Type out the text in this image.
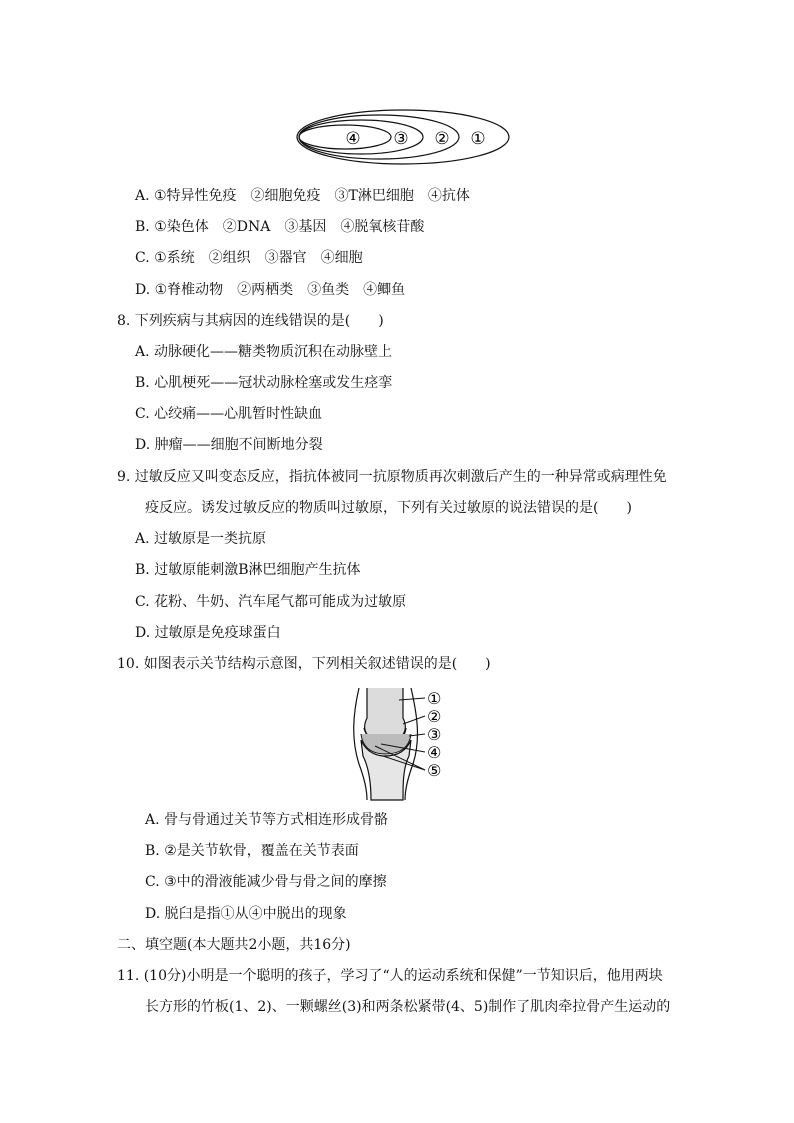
④ ③ ② ①
A. ①特异性免疫　②细胞免疫　③T淋巴细胞　④抗体
B. ①染色体　②DNA　③基因　④脱氧核苷酸
C. ①系统　②组织　③器官　④细胞
D. ①脊椎动物　②两栖类　③鱼类　④鲫鱼
8. 下列疾病与其病因的连线错误的是(　　)
A. 动脉硬化——糖类物质沉积在动脉壁上
B. 心肌梗死——冠状动脉栓塞或发生痉挛
C. 心绞痛——心肌暂时性缺血
D. 肿瘤——细胞不间断地分裂
9. 过敏反应又叫变态反应，指抗体被同一抗原物质再次刺激后产生的一种异常或病理性免
疫反应。诱发过敏反应的物质叫过敏原，下列有关过敏原的说法错误的是(　　)
A. 过敏原是一类抗原
B. 过敏原能刺激B淋巴细胞产生抗体
C. 花粉、牛奶、汽车尾气都可能成为过敏原
D. 过敏原是免疫球蛋白
10. 如图表示关节结构示意图，下列相关叙述错误的是(　　)
①
②
③
④
⑤
A. 骨与骨通过关节等方式相连形成骨骼
B. ②是关节软骨，覆盖在关节表面
C. ③中的滑液能减少骨与骨之间的摩擦
D. 脱臼是指①从④中脱出的现象
二、填空题(本大题共2小题，共16分)
11. (10分)小明是一个聪明的孩子，学习了“人的运动系统和保健”一节知识后，他用两块
长方形的竹板(1、2)、一颗螺丝(3)和两条松紧带(4、5)制作了肌肉牵拉骨产生运动的
